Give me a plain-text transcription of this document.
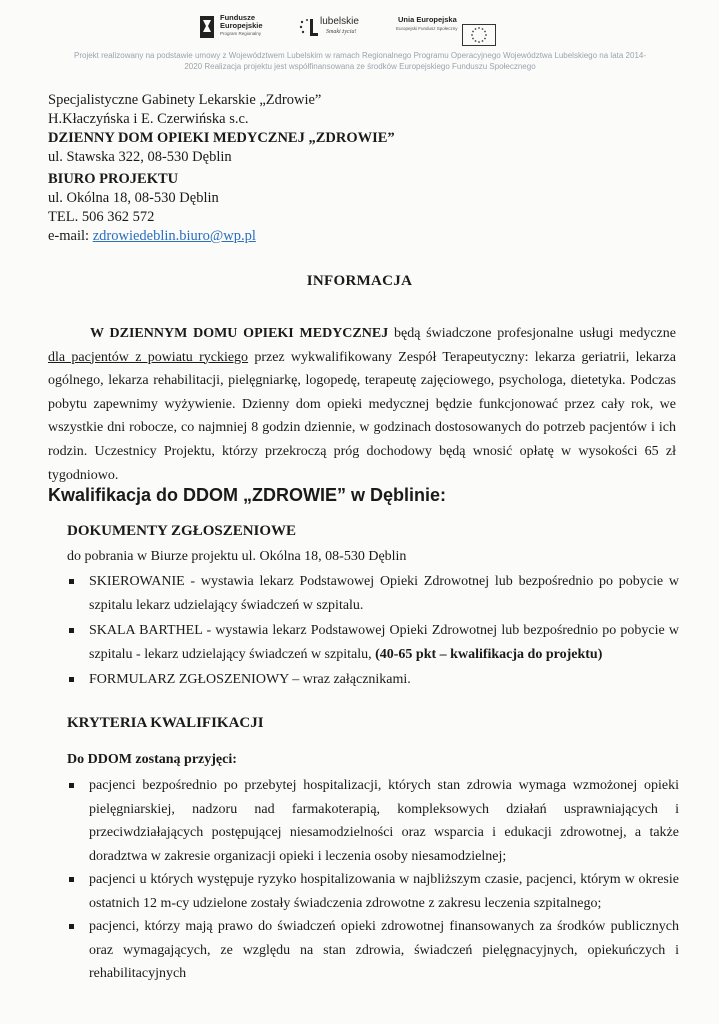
Fundusze
Europejskie
Program Regionalny
lubelskie
Smaki życia!
Unia Europejska
Europejski Fundusz Społeczny
Projekt realizowany na podstawie umowy z Województwem Lubelskim w ramach Regionalnego Programu Operacyjnego Województwa Lubelskiego na lata 2014-
2020 Realizacja projektu jest współfinansowana ze środków Europejskiego Funduszu Społecznego
Specjalistyczne Gabinety Lekarskie „Zdrowie”
H.Kłaczyńska i E. Czerwińska s.c.
DZIENNY DOM OPIEKI MEDYCZNEJ „ZDROWIE”
ul. Stawska 322, 08-530 Dęblin
BIURO PROJEKTU
ul. Okólna 18, 08-530 Dęblin
TEL. 506 362 572
e-mail: zdrowiedeblin.biuro@wp.pl
INFORMACJA
W DZIENNYM DOMU OPIEKI MEDYCZNEJ będą świadczone profesjonalne usługi medyczne dla pacjentów z powiatu ryckiego przez wykwalifikowany Zespół Terapeutyczny: lekarza geriatrii, lekarza ogólnego, lekarza rehabilitacji, pielęgniarkę, logopedę, terapeutę zajęciowego, psychologa, dietetyka. Podczas pobytu zapewnimy wyżywienie. Dzienny dom opieki medycznej będzie funkcjonować przez cały rok, we wszystkie dni robocze, co najmniej 8 godzin dziennie, w godzinach dostosowanych do potrzeb pacjentów i ich rodzin. Uczestnicy Projektu, którzy przekroczą próg dochodowy będą wnosić opłatę w wysokości 65 zł tygodniowo.
Kwalifikacja do DDOM „ZDROWIE” w Dęblinie:
DOKUMENTY ZGŁOSZENIOWE
do pobrania w Biurze projektu ul. Okólna 18, 08-530 Dęblin
SKIEROWANIE - wystawia lekarz Podstawowej Opieki Zdrowotnej lub bezpośrednio po pobycie w szpitalu lekarz udzielający świadczeń w szpitalu.
SKALA BARTHEL - wystawia lekarz Podstawowej Opieki Zdrowotnej lub bezpośrednio po pobycie w szpitalu - lekarz udzielający świadczeń w szpitalu, (40-65 pkt – kwalifikacja do projektu)
FORMULARZ ZGŁOSZENIOWY – wraz załącznikami.
KRYTERIA KWALIFIKACJI
Do DDOM zostaną przyjęci:
pacjenci bezpośrednio po przebytej hospitalizacji, których stan zdrowia wymaga wzmożonej opieki pielęgniarskiej, nadzoru nad farmakoterapią, kompleksowych działań usprawniających i przeciwdziałających postępującej niesamodzielności oraz wsparcia i edukacji zdrowotnej, a także doradztwa w zakresie organizacji opieki i leczenia osoby niesamodzielnej;
pacjenci u których występuje ryzyko hospitalizowania w najbliższym czasie, pacjenci, którym w okresie ostatnich 12 m-cy udzielone zostały świadczenia zdrowotne z zakresu leczenia szpitalnego;
pacjenci, którzy mają prawo do świadczeń opieki zdrowotnej finansowanych za środków publicznych oraz wymagających, ze względu na stan zdrowia, świadczeń pielęgnacyjnych, opiekuńczych i rehabilitacyjnych
